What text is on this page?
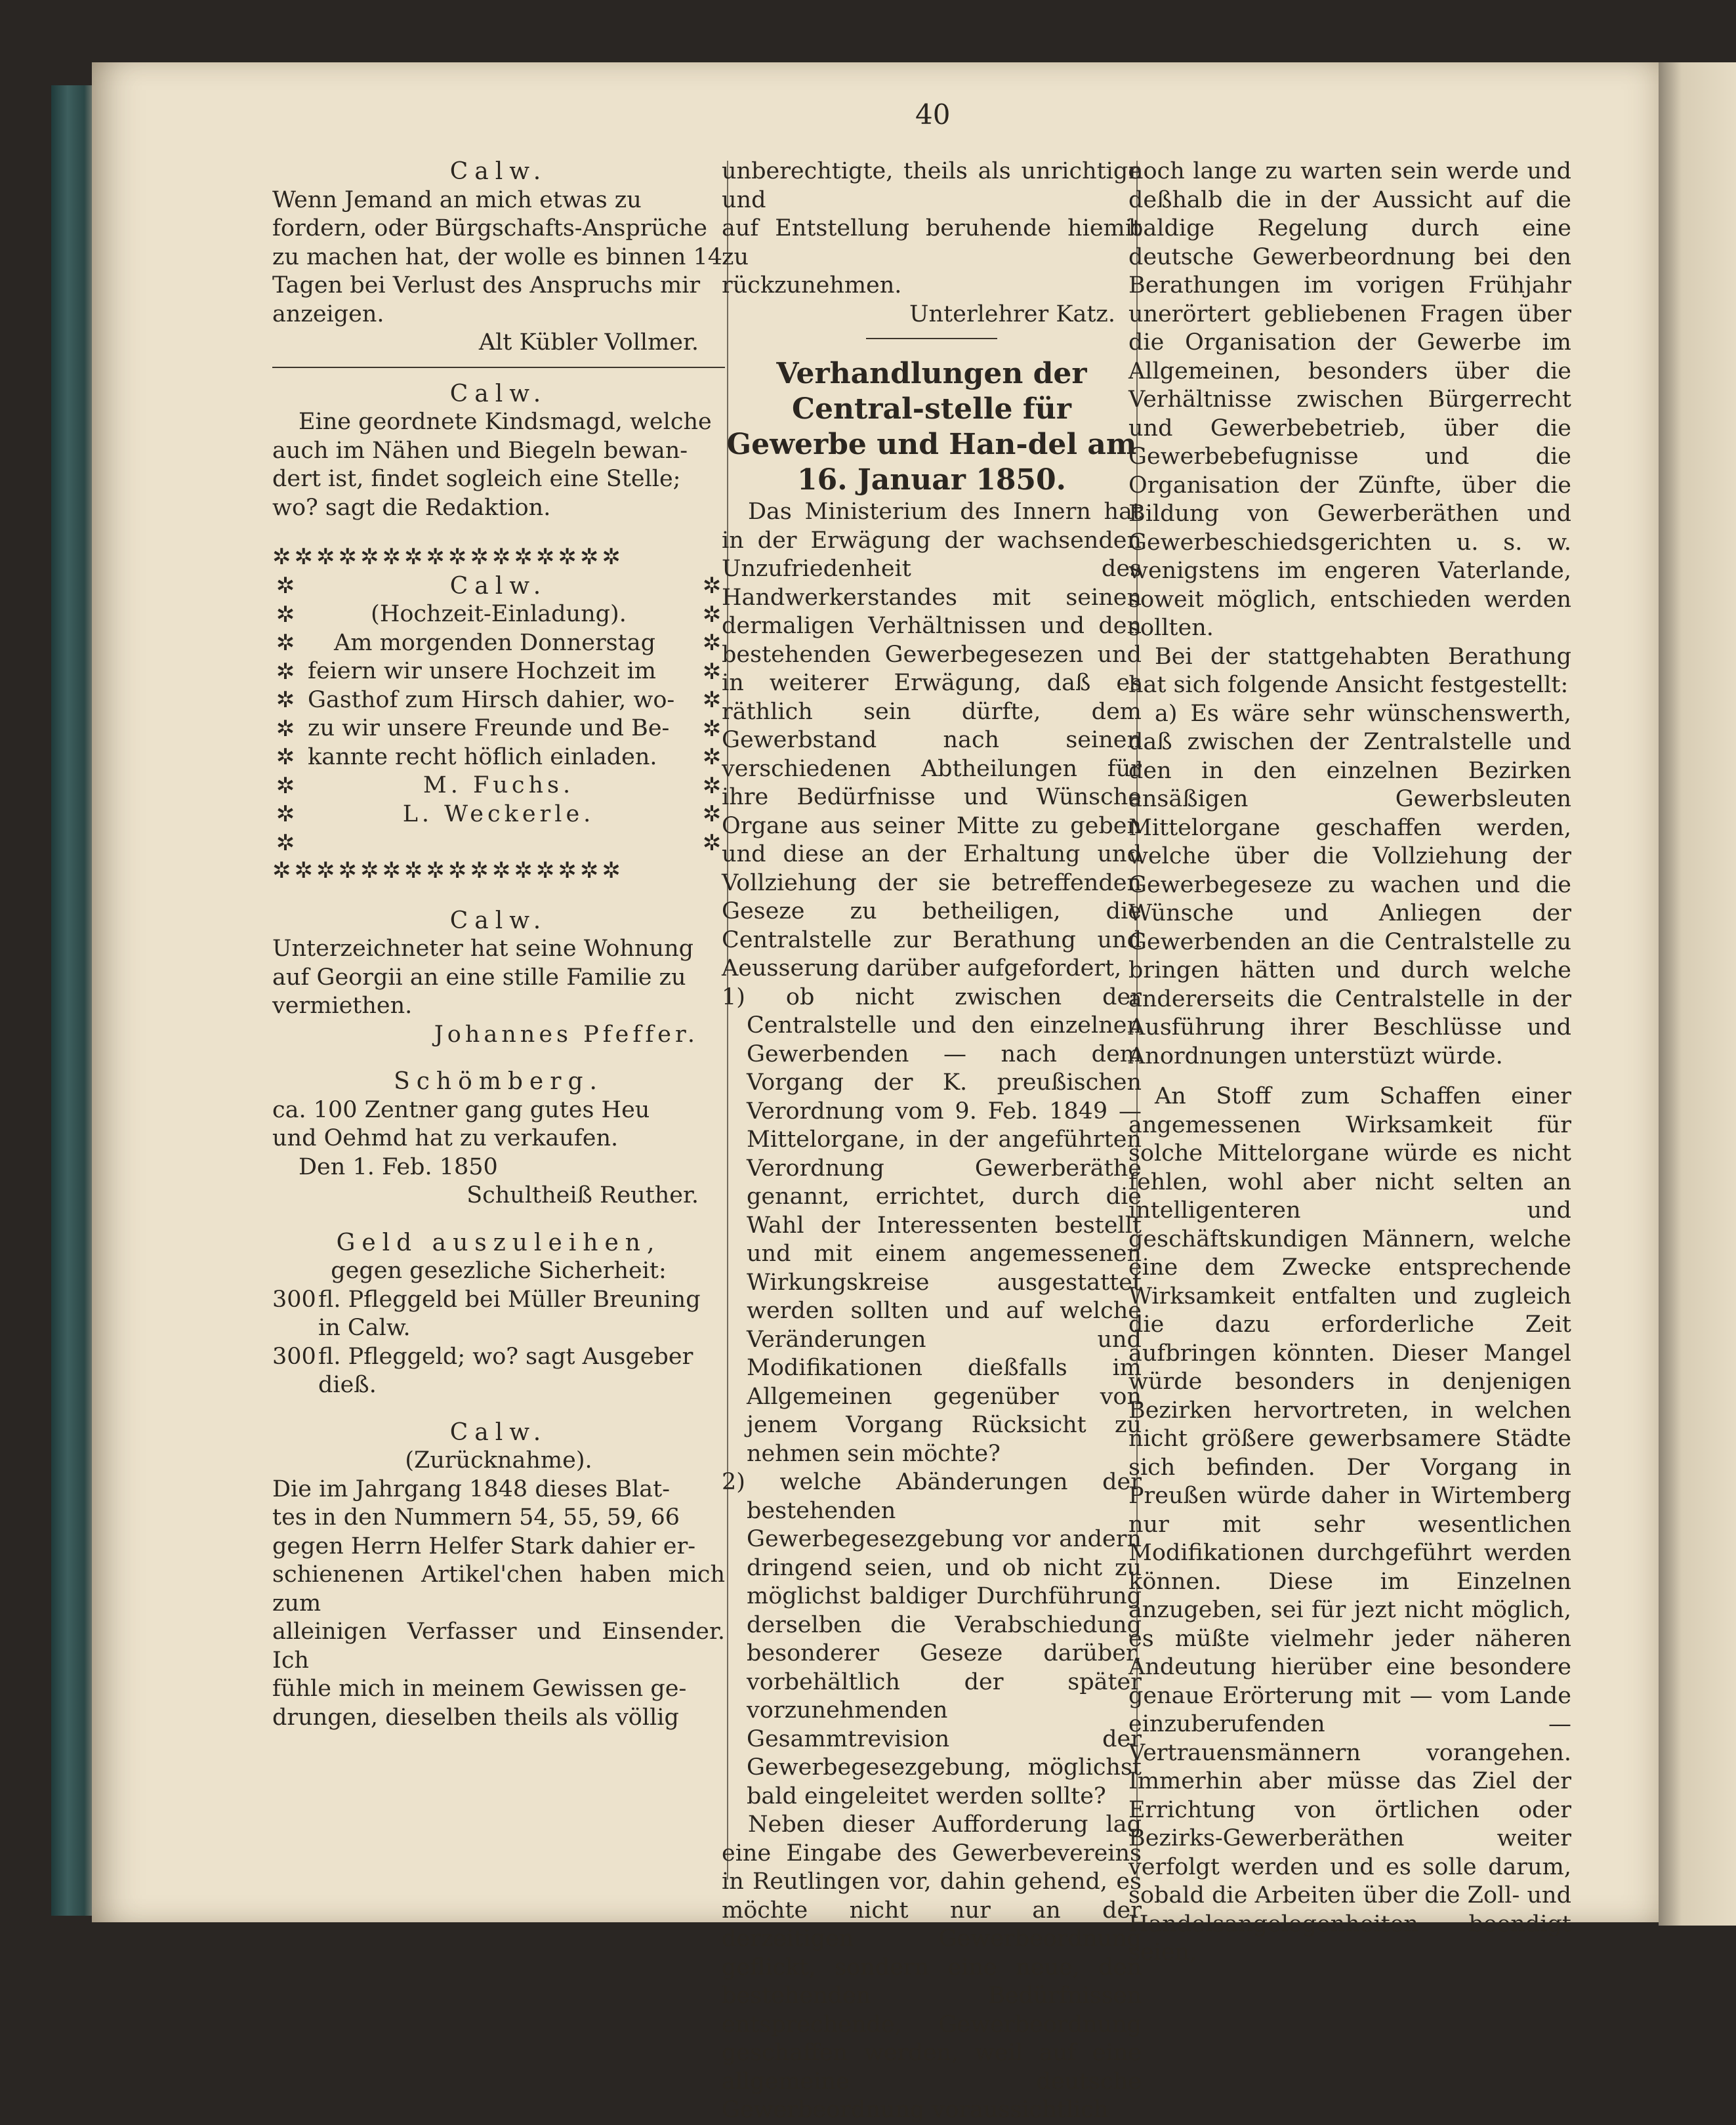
40

Calw.

Wenn Jemand an mich etwas zu

fordern, oder Bürgschafts-Ansprüche

zu machen hat, der wolle es binnen 14

Tagen bei Verlust des Anspruchs mir

anzeigen.

Alt Kübler Vollmer.

Calw.

Eine geordnete Kindsmagd, welche

auch im Nähen und Biegeln bewan-

dert ist, findet sogleich eine Stelle;

wo? sagt die Redaktion.

✲✲✲✲✲✲✲✲✲✲✲✲✲✲✲✲
✲ ✲ ✲ ✲ ✲ ✲ ✲ ✲ ✲ ✲
✲ ✲ ✲ ✲ ✲ ✲ ✲ ✲ ✲ ✲

Calw.

(Hochzeit-Einladung).

Am morgenden Donnerstag

feiern wir unsere Hochzeit im

Gasthof zum Hirsch dahier, wo-

zu wir unsere Freunde und Be-

kannte recht höflich einladen.

M. Fuchs.

L. Weckerle.

✲✲✲✲✲✲✲✲✲✲✲✲✲✲✲✲

Calw.

Unterzeichneter hat seine Wohnung

auf Georgii an eine stille Familie zu

vermiethen.

Johannes Pfeffer.

Schömberg.

ca. 100 Zentner gang gutes Heu

und Oehmd hat zu verkaufen.

Den 1. Feb. 1850

Schultheiß Reuther.

Geld auszuleihen,

gegen gesezliche Sicherheit:

300 fl. Pfleggeld bei Müller Breuning in Calw.
300 fl. Pfleggeld; wo? sagt Ausgeber dieß.

Calw.

(Zurücknahme).

Die im Jahrgang 1848 dieses Blat-

tes in den Nummern 54, 55, 59, 66

gegen Herrn Helfer Stark dahier er-

schienenen Artikel'chen haben mich zum

alleinigen Verfasser und Einsender. Ich

fühle mich in meinem Gewissen ge-

drungen, dieselben theils als völlig

unberechtigte, theils als unrichtige und

auf Entstellung beruhende hiemit zu

rückzunehmen.

Unterlehrer Katz.

Verhandlungen der Central-stelle für Gewerbe und Han-del am 16. Januar 1850.

Das Ministerium des Innern hat in der Erwägung der wachsenden Unzufriedenheit des Handwerkerstandes mit seinen dermaligen Verhältnissen und den bestehenden Gewerbegesezen und in weiterer Erwägung, daß es räthlich sein dürfte, dem Gewerbstand nach seinen verschiedenen Abtheilungen für ihre Bedürfnisse und Wünsche Organe aus seiner Mitte zu geben und diese an der Erhaltung und Vollziehung der sie betreffenden Geseze zu betheiligen, die Centralstelle zur Berathung und Aeusserung darüber aufgefordert,

1) ob nicht zwischen der Centralstelle und den einzelnen Gewerbenden — nach dem Vorgang der K. preußischen Verordnung vom 9. Feb. 1849 — Mittelorgane, in der angeführten Verordnung Gewerberäthe genannt, errichtet, durch die Wahl der Interessenten bestellt und mit einem angemessenen Wirkungskreise ausgestattet werden sollten und auf welche Veränderungen und Modifikationen dießfalls im Allgemeinen gegenüber von jenem Vorgang Rücksicht zu nehmen sein möchte?

2) welche Abänderungen der bestehenden Gewerbegesezgebung vor andern dringend seien, und ob nicht zu möglichst baldiger Durchführung derselben die Verabschiedung besonderer Geseze darüber, vorbehältlich der später vorzunehmenden Gesammtrevision der Gewerbegesezgebung, möglichst bald eingeleitet werden sollte?

Neben dieser Aufforderung lag eine Eingabe des Gewerbevereins in Reutlingen vor, dahin gehend, es möchte nicht nur an der derzeitigen Gewerbeordnung geflickt, sondern eine neue, den bestehenden Bedürfnissen entsprechende, Gewerbeordnung geschaffen werden, weil auf eine allgemeine deutsche Gewerbeordnung voraussichtlich

noch lange zu warten sein werde und deßhalb die in der Aussicht auf die baldige Regelung durch eine deutsche Gewerbeordnung bei den Berathungen im vorigen Frühjahr unerörtert gebliebenen Fragen über die Organisation der Gewerbe im Allgemeinen, besonders über die Verhältnisse zwischen Bürgerrecht und Gewerbebetrieb, über die Gewerbebefugnisse und die Organisation der Zünfte, über die Bildung von Gewerberäthen und Gewerbeschiedsgerichten u. s. w. wenigstens im engeren Vaterlande, soweit möglich, entschieden werden sollten.

Bei der stattgehabten Berathung hat sich folgende Ansicht festgestellt:

a) Es wäre sehr wünschenswerth, daß zwischen der Zentralstelle und den in den einzelnen Bezirken ansäßigen Gewerbsleuten Mittelorgane geschaffen werden, welche über die Vollziehung der Gewerbegeseze zu wachen und die Wünsche und Anliegen der Gewerbenden an die Centralstelle zu bringen hätten und durch welche andererseits die Centralstelle in der Ausführung ihrer Beschlüsse und Anordnungen unterstüzt würde.

An Stoff zum Schaffen einer angemessenen Wirksamkeit für solche Mittelorgane würde es nicht fehlen, wohl aber nicht selten an intelligenteren und geschäftskundigen Männern, welche eine dem Zwecke entsprechende Wirksamkeit entfalten und zugleich die dazu erforderliche Zeit aufbringen könnten. Dieser Mangel würde besonders in denjenigen Bezirken hervortreten, in welchen nicht größere gewerbsamere Städte sich befinden. Der Vorgang in Preußen würde daher in Wirtemberg nur mit sehr wesentlichen Modifikationen durchgeführt werden können. Diese im Einzelnen anzugeben, sei für jezt nicht möglich, es müßte vielmehr jeder näheren Andeutung hierüber eine besondere genaue Erörterung mit — vom Lande einzuberufenden — Vertrauensmännern vorangehen. Immerhin aber müsse das Ziel der Errichtung von örtlichen oder Bezirks-Gewerberäthen weiter verfolgt werden und es solle darum, sobald die Arbeiten über die Zoll- und Handelsangelegenheiten beendigt seien,
